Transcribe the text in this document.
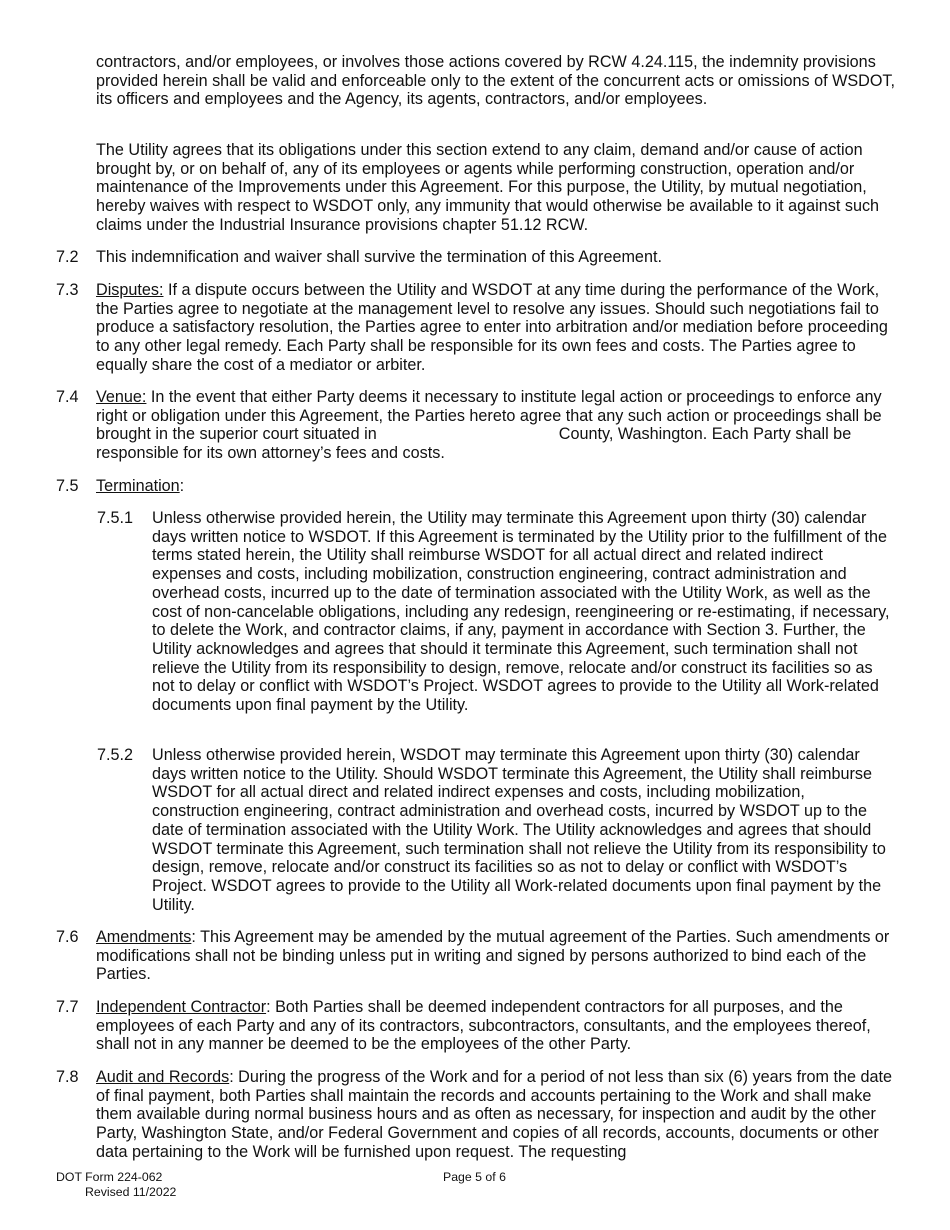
contractors, and/or employees, or involves those actions covered by RCW 4.24.115, the indemnity provisions provided herein shall be valid and enforceable only to the extent of the concurrent acts or omissions of WSDOT, its officers and employees and the Agency, its agents, contractors, and/or employees.

The Utility agrees that its obligations under this section extend to any claim, demand and/or cause of action brought by, or on behalf of, any of its employees or agents while performing construction, operation and/or maintenance of the Improvements under this Agreement. For this purpose, the Utility, by mutual negotiation, hereby waives with respect to WSDOT only, any immunity that would otherwise be available to it against such claims under the Industrial Insurance provisions chapter 51.12 RCW.

7.2 This indemnification and waiver shall survive the termination of this Agreement.

7.3 Disputes: If a dispute occurs between the Utility and WSDOT at any time during the performance of the Work, the Parties agree to negotiate at the management level to resolve any issues. Should such negotiations fail to produce a satisfactory resolution, the Parties agree to enter into arbitration and/or mediation before proceeding to any other legal remedy. Each Party shall be responsible for its own fees and costs. The Parties agree to equally share the cost of a mediator or arbiter.

7.4 Venue: In the event that either Party deems it necessary to institute legal action or proceedings to enforce any right or obligation under this Agreement, the Parties hereto agree that any such action or proceedings shall be brought in the superior court situated in	County, Washington. Each Party shall be responsible for its own attorney’s fees and costs.

7.5 Termination:

7.5.1 Unless otherwise provided herein, the Utility may terminate this Agreement upon thirty (30) calendar days written notice to WSDOT. If this Agreement is terminated by the Utility prior to the fulfillment of the terms stated herein, the Utility shall reimburse WSDOT for all actual direct and related indirect expenses and costs, including mobilization, construction engineering, contract administration and overhead costs, incurred up to the date of termination associated with the Utility Work, as well as the cost of non-cancelable obligations, including any redesign, reengineering or re-estimating, if necessary, to delete the Work, and contractor claims, if any, payment in accordance with Section 3. Further, the Utility acknowledges and agrees that should it terminate this Agreement, such termination shall not relieve the Utility from its responsibility to design, remove, relocate and/or construct its facilities so as not to delay or conflict with WSDOT’s Project. WSDOT agrees to provide to the Utility all Work-related documents upon final payment by the Utility.

7.5.2 Unless otherwise provided herein, WSDOT may terminate this Agreement upon thirty (30) calendar days written notice to the Utility. Should WSDOT terminate this Agreement, the Utility shall reimburse WSDOT for all actual direct and related indirect expenses and costs, including mobilization, construction engineering, contract administration and overhead costs, incurred by WSDOT up to the date of termination associated with the Utility Work. The Utility acknowledges and agrees that should WSDOT terminate this Agreement, such termination shall not relieve the Utility from its responsibility to design, remove, relocate and/or construct its facilities so as not to delay or conflict with WSDOT’s Project. WSDOT agrees to provide to the Utility all Work-related documents upon final payment by the Utility.

7.6 Amendments: This Agreement may be amended by the mutual agreement of the Parties. Such amendments or modifications shall not be binding unless put in writing and signed by persons authorized to bind each of the Parties.

7.7 Independent Contractor: Both Parties shall be deemed independent contractors for all purposes, and the employees of each Party and any of its contractors, subcontractors, consultants, and the employees thereof, shall not in any manner be deemed to be the employees of the other Party.

7.8 Audit and Records: During the progress of the Work and for a period of not less than six (6) years from the date of final payment, both Parties shall maintain the records and accounts pertaining to the Work and shall make them available during normal business hours and as often as necessary, for inspection and audit by the other Party, Washington State, and/or Federal Government and copies of all records, accounts, documents or other data pertaining to the Work will be furnished upon request. The requesting

DOT Form 224-062
Revised 11/2022
Page 5 of 6
